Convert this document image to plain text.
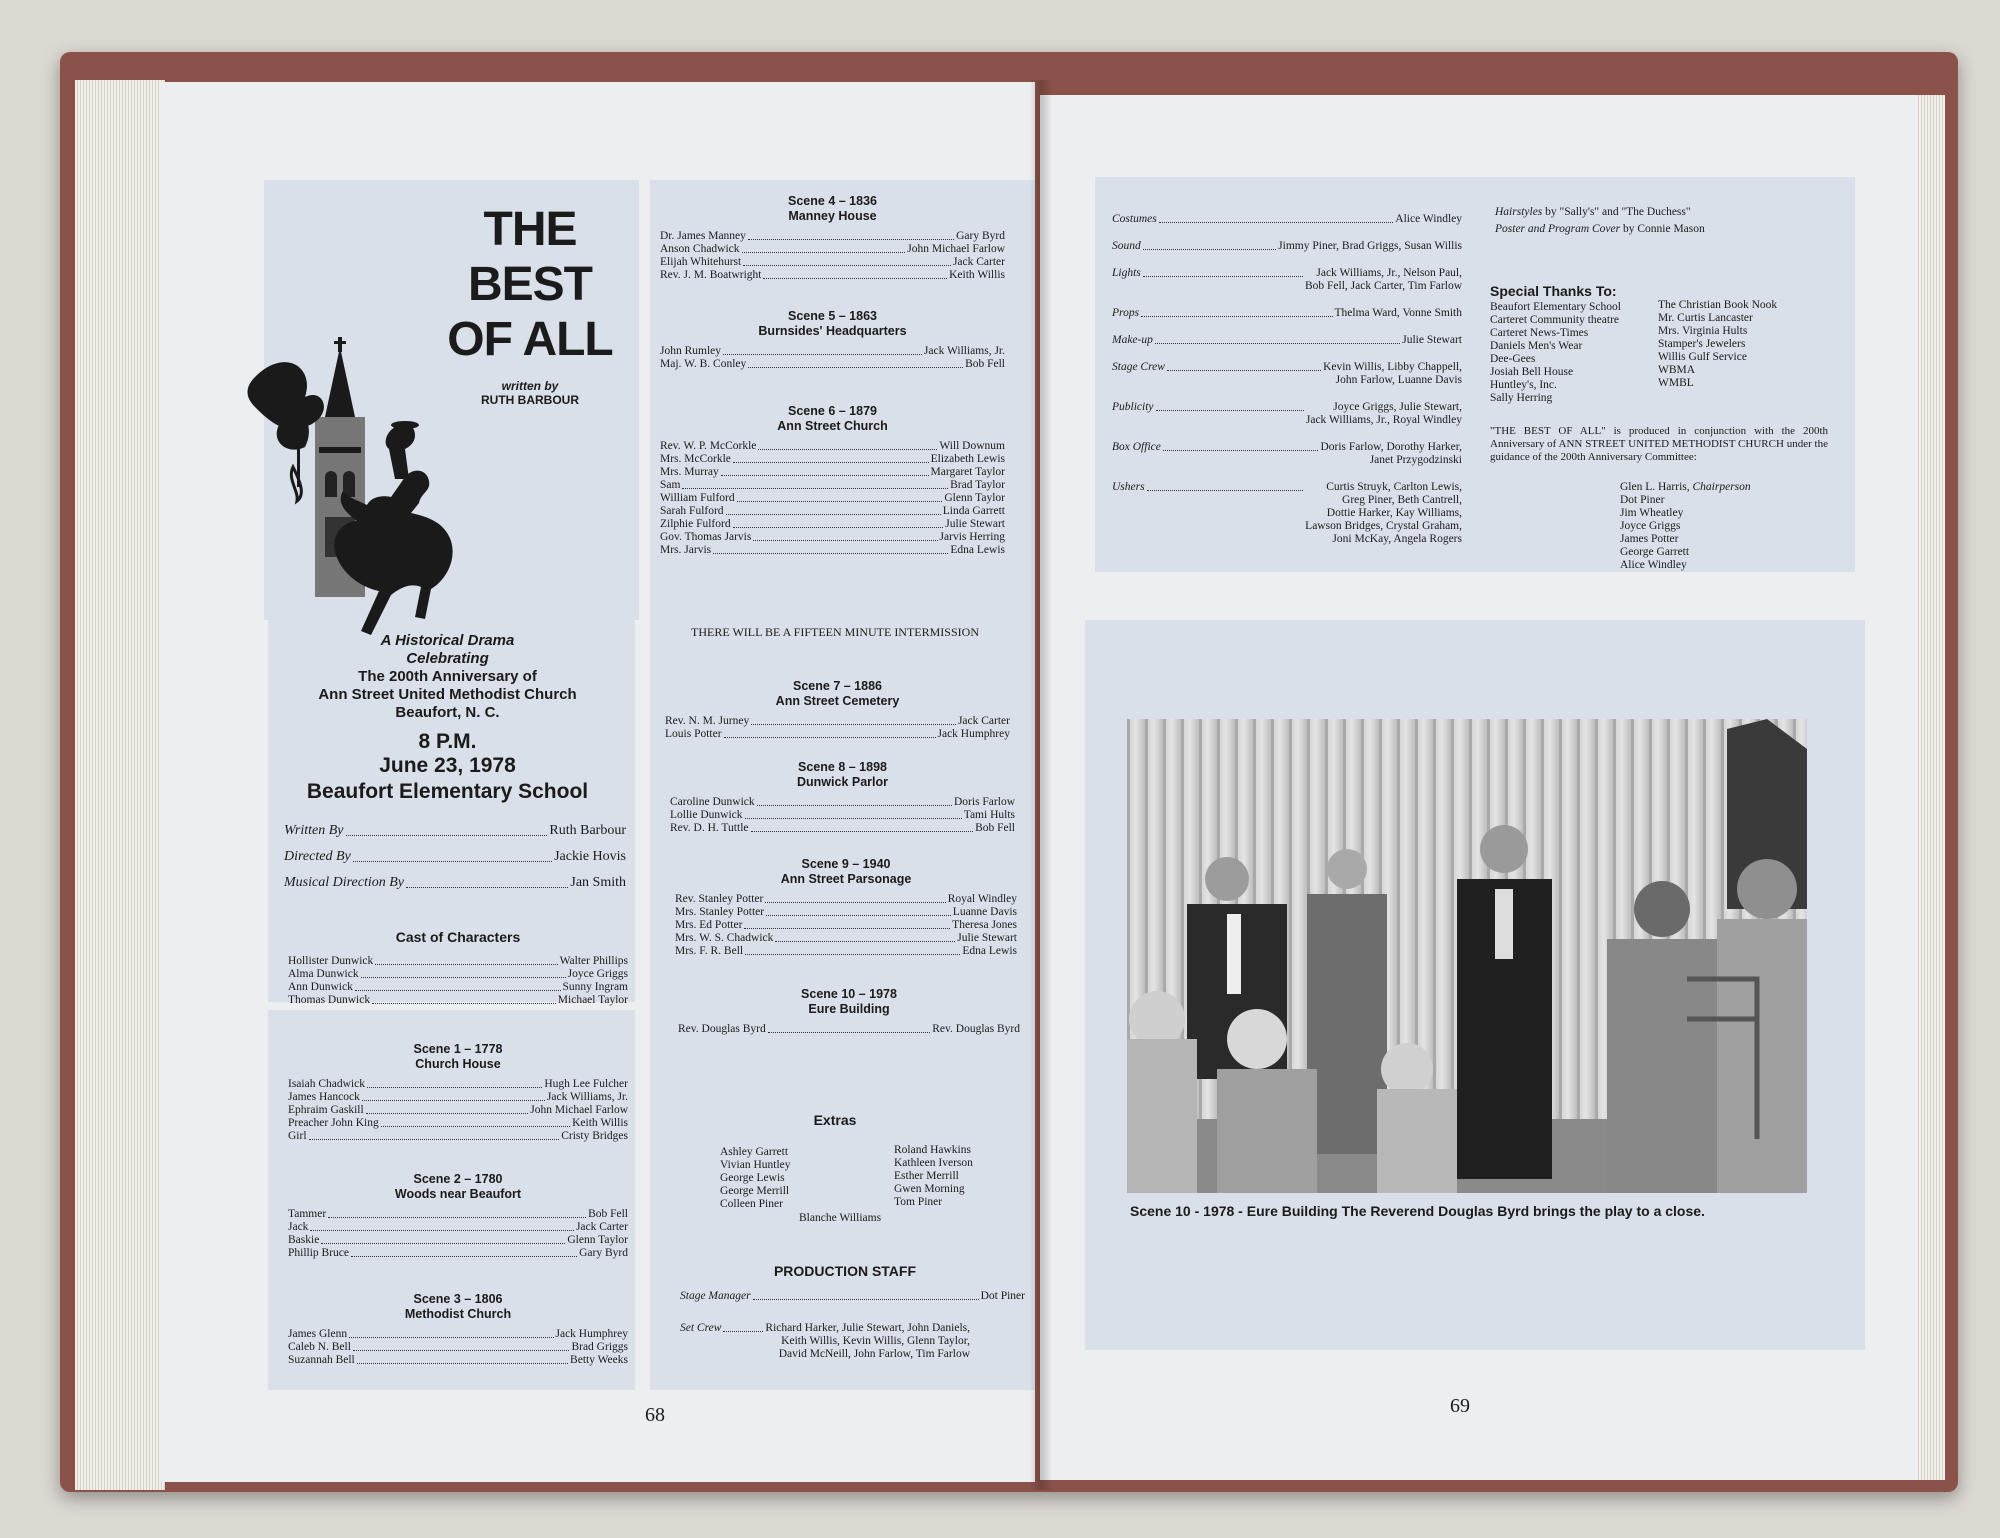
THE
BEST
OF ALL
written by
RUTH BARBOUR
A Historical Drama
Celebrating
The 200th Anniversary of
Ann Street United Methodist Church
Beaufort, N. C.
8 P.M.
June 23, 1978
Beaufort Elementary School
Written By	Ruth Barbour
Directed By	Jackie Hovis
Musical Direction By	Jan Smith
Cast of Characters
Hollister Dunwick	Walter Phillips
Alma Dunwick	Joyce Griggs
Ann Dunwick	Sunny Ingram
Thomas Dunwick	Michael Taylor
Scene 1 – 1778
Church House
Isaiah Chadwick	Hugh Lee Fulcher
James Hancock	Jack Williams, Jr.
Ephraim Gaskill	John Michael Farlow
Preacher John King	Keith Willis
Girl	Cristy Bridges
Scene 2 – 1780
Woods near Beaufort
Tammer	Bob Fell
Jack	Jack Carter
Baskie	Glenn Taylor
Phillip Bruce	Gary Byrd
Scene 3 – 1806
Methodist Church
James Glenn	Jack Humphrey
Caleb N. Bell	Brad Griggs
Suzannah Bell	Betty Weeks
Scene 4 – 1836
Manney House
Dr. James Manney	Gary Byrd
Anson Chadwick	John Michael Farlow
Elijah Whitehurst	Jack Carter
Rev. J. M. Boatwright	Keith Willis
Scene 5 – 1863
Burnsides' Headquarters
John Rumley	Jack Williams, Jr.
Maj. W. B. Conley	Bob Fell
Scene 6 – 1879
Ann Street Church
Rev. W. P. McCorkle	Will Downum
Mrs. McCorkle	Elizabeth Lewis
Mrs. Murray	Margaret Taylor
Sam	Brad Taylor
William Fulford	Glenn Taylor
Sarah Fulford	Linda Garrett
Zilphie Fulford	Julie Stewart
Gov. Thomas Jarvis	Jarvis Herring
Mrs. Jarvis	Edna Lewis
THERE WILL BE A FIFTEEN MINUTE INTERMISSION
Scene 7 – 1886
Ann Street Cemetery
Rev. N. M. Jurney	Jack Carter
Louis Potter	Jack Humphrey
Scene 8 – 1898
Dunwick Parlor
Caroline Dunwick	Doris Farlow
Lollie Dunwick	Tami Hults
Rev. D. H. Tuttle	Bob Fell
Scene 9 – 1940
Ann Street Parsonage
Rev. Stanley Potter	Royal Windley
Mrs. Stanley Potter	Luanne Davis
Mrs. Ed Potter	Theresa Jones
Mrs. W. S. Chadwick	Julie Stewart
Mrs. F. R. Bell	Edna Lewis
Scene 10 – 1978
Eure Building
Rev. Douglas Byrd	Rev. Douglas Byrd
Extras
Ashley Garrett
Vivian Huntley
George Lewis
George Merrill
Colleen Piner
Roland Hawkins
Kathleen Iverson
Esther Merrill
Gwen Morning
Tom Piner
Blanche Williams
PRODUCTION STAFF
Stage Manager	Dot Piner
Set Crew	Richard Harker, Julie Stewart, John Daniels,
Keith Willis, Kevin Willis, Glenn Taylor,
David McNeill, John Farlow, Tim Farlow
68
Costumes	Alice Windley
Sound	Jimmy Piner, Brad Griggs, Susan Willis
Lights	Jack Williams, Jr., Nelson Paul,
Bob Fell, Jack Carter, Tim Farlow
Props	Thelma Ward, Vonne Smith
Make-up	Julie Stewart
Stage Crew	Kevin Willis, Libby Chappell,
John Farlow, Luanne Davis
Publicity	Joyce Griggs, Julie Stewart,
Jack Williams, Jr., Royal Windley
Box Office	Doris Farlow, Dorothy Harker,
Janet Przygodzinski
Ushers	Curtis Struyk, Carlton Lewis,
Greg Piner, Beth Cantrell,
Dottie Harker, Kay Williams,
Lawson Bridges, Crystal Graham,
Joni McKay, Angela Rogers
Hairstyles by "Sally's" and "The Duchess"
Poster and Program Cover by Connie Mason
Special Thanks To:
Beaufort Elementary School
Carteret Community theatre
Carteret News-Times
Daniels Men's Wear
Dee-Gees
Josiah Bell House
Huntley's, Inc.
Sally Herring
The Christian Book Nook
Mr. Curtis Lancaster
Mrs. Virginia Hults
Stamper's Jewelers
Willis Gulf Service
WBMA
WMBL
"THE BEST OF ALL" is produced in conjunction with the 200th Anniversary of ANN STREET UNITED METHODIST CHURCH under the guidance of the 200th Anniversary Committee:
Glen L. Harris, Chairperson
Dot Piner
Jim Wheatley
Joyce Griggs
James Potter
George Garrett
Alice Windley
Scene 10 - 1978 - Eure Building The Reverend Douglas Byrd brings the play to a close.
69
